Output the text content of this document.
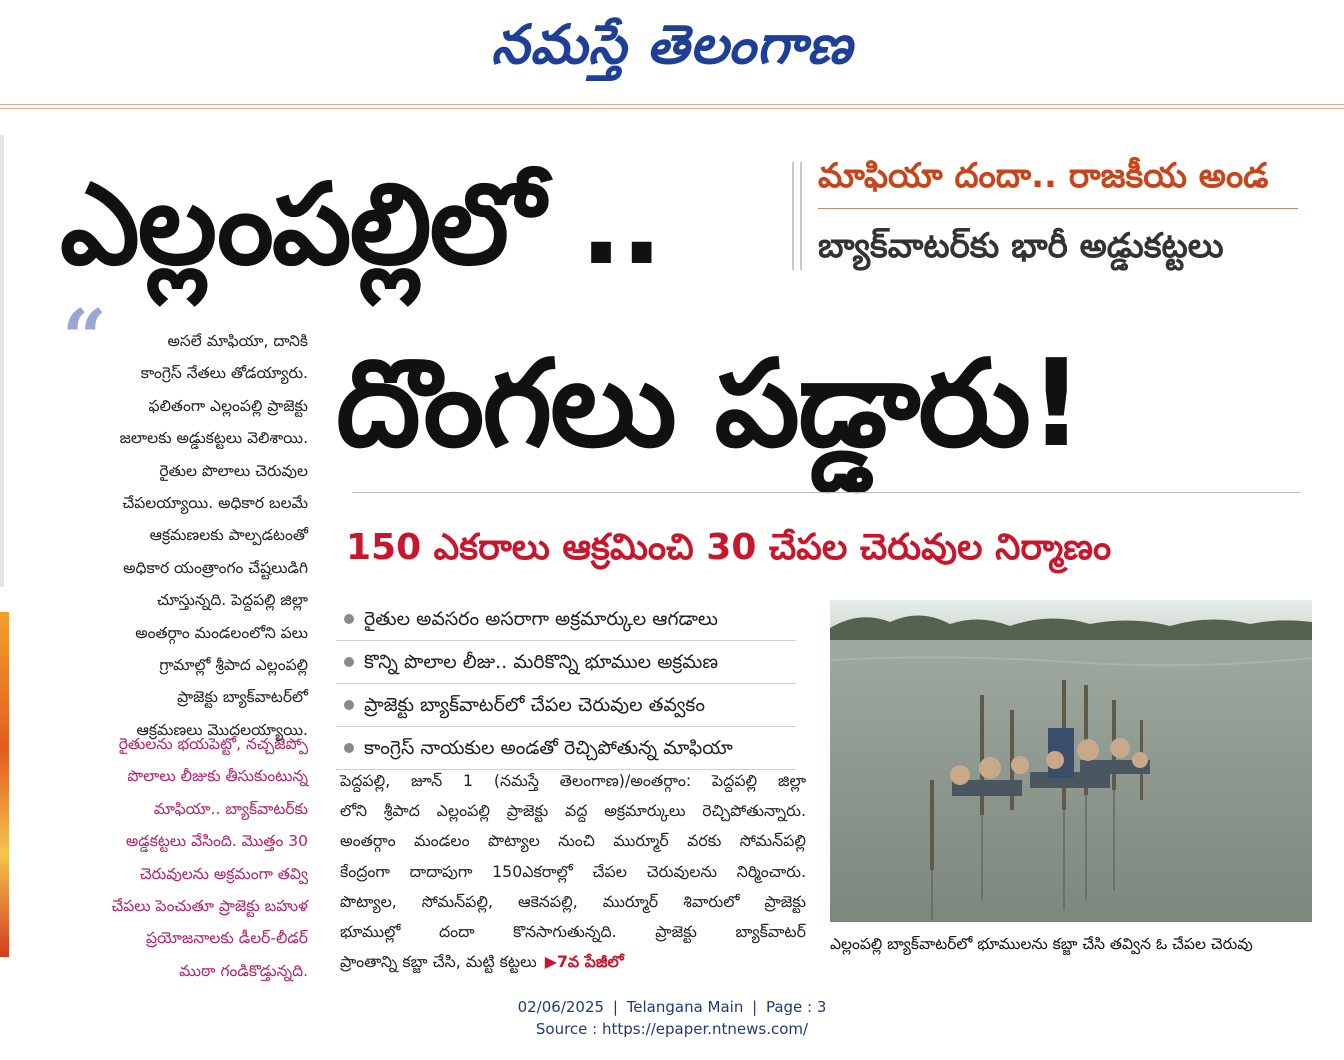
నమస్తే తెలంగాణ
ఎల్లంపల్లిలో ..	మాఫియా దందా.. రాజకీయ అండ
బ్యాక్‌వాటర్‌కు భారీ అడ్డుకట్టలు
“	అసలే మాఫియా, దానికి
కాంగ్రెస్‌ నేతలు తోడయ్యారు.
ఫలితంగా ఎల్లంపల్లి ప్రాజెక్టు
జలాలకు అడ్డుకట్టలు వెలిశాయి.
రైతుల పొలాలు చెరువుల
చేపలయ్యాయి. అధికార బలమే
ఆక్రమణలకు పాల్పడటంతో
అధికార యంత్రాంగం చేష్టలుడిగి
చూస్తున్నది. పెద్దపల్లి జిల్లా
అంతర్గాం మండలంలోని పలు
గ్రామాల్లో శ్రీపాద ఎల్లంపల్లి
ప్రాజెక్టు బ్యాక్‌వాటర్‌లో
ఆక్రమణలు మొదలయ్యాయి.
రైతులను భయపెట్టో, నచ్చజెప్పో
పొలాలు లీజుకు తీసుకుంటున్న
మాఫియా.. బ్యాక్‌వాటర్‌కు
అడ్డకట్టలు వేసింది. మొత్తం 30
చెరువులను అక్రమంగా తవ్వి
చేపలు పెంచుతూ ప్రాజెక్టు బహుళ
ప్రయోజనాలకు డీలర్‌-లీడర్‌
ముఠా గండికొడ్తున్నది.
దొంగలు పడ్డారు!
150 ఎకరాలు ఆక్రమించి 30 చేపల చెరువుల నిర్మాణం
రైతుల అవసరం అసరాగా అక్రమార్కుల ఆగడాలు
కొన్ని పొలాల లీజు.. మరికొన్ని భూముల అక్రమణ
ప్రాజెక్టు బ్యాక్‌వాటర్‌లో చేపల చెరువుల తవ్వకం
కాంగ్రెస్‌ నాయకుల అండతో రెచ్చిపోతున్న మాఫియా
పెద్దపల్లి, జూన్‌ 1 (నమస్తే తెలంగాణ)/అంతర్గాం: పెద్దపల్లి జిల్లా
లోని శ్రీపాద ఎల్లంపల్లి ప్రాజెక్టు వద్ద అక్రమార్కులు రెచ్చిపోతున్నారు.
అంతర్గాం మండలం పొట్యాల నుంచి ముర్మూర్‌ వరకు సోమన్‌పల్లి
కేంద్రంగా దాదాపుగా 150ఎకరాల్లో చేపల చెరువులను నిర్మించారు.
పొట్యాల, సోమన్‌పల్లి, ఆకెనపల్లి, ముర్మూర్‌ శివారులో ప్రాజెక్టు
భూముల్లో దందా కొనసాగుతున్నది. ప్రాజెక్టు బ్యాక్‌వాటర్‌
ప్రాంతాన్ని కబ్జా చేసి, మట్టి కట్టలు ▶7వ పేజీలో
ఎల్లంపల్లి బ్యాక్‌వాటర్‌లో భూములను కబ్జా చేసి తవ్విన ఓ చేపల చెరువు
02/06/2025 | Telangana Main | Page : 3
Source : https://epaper.ntnews.com/
